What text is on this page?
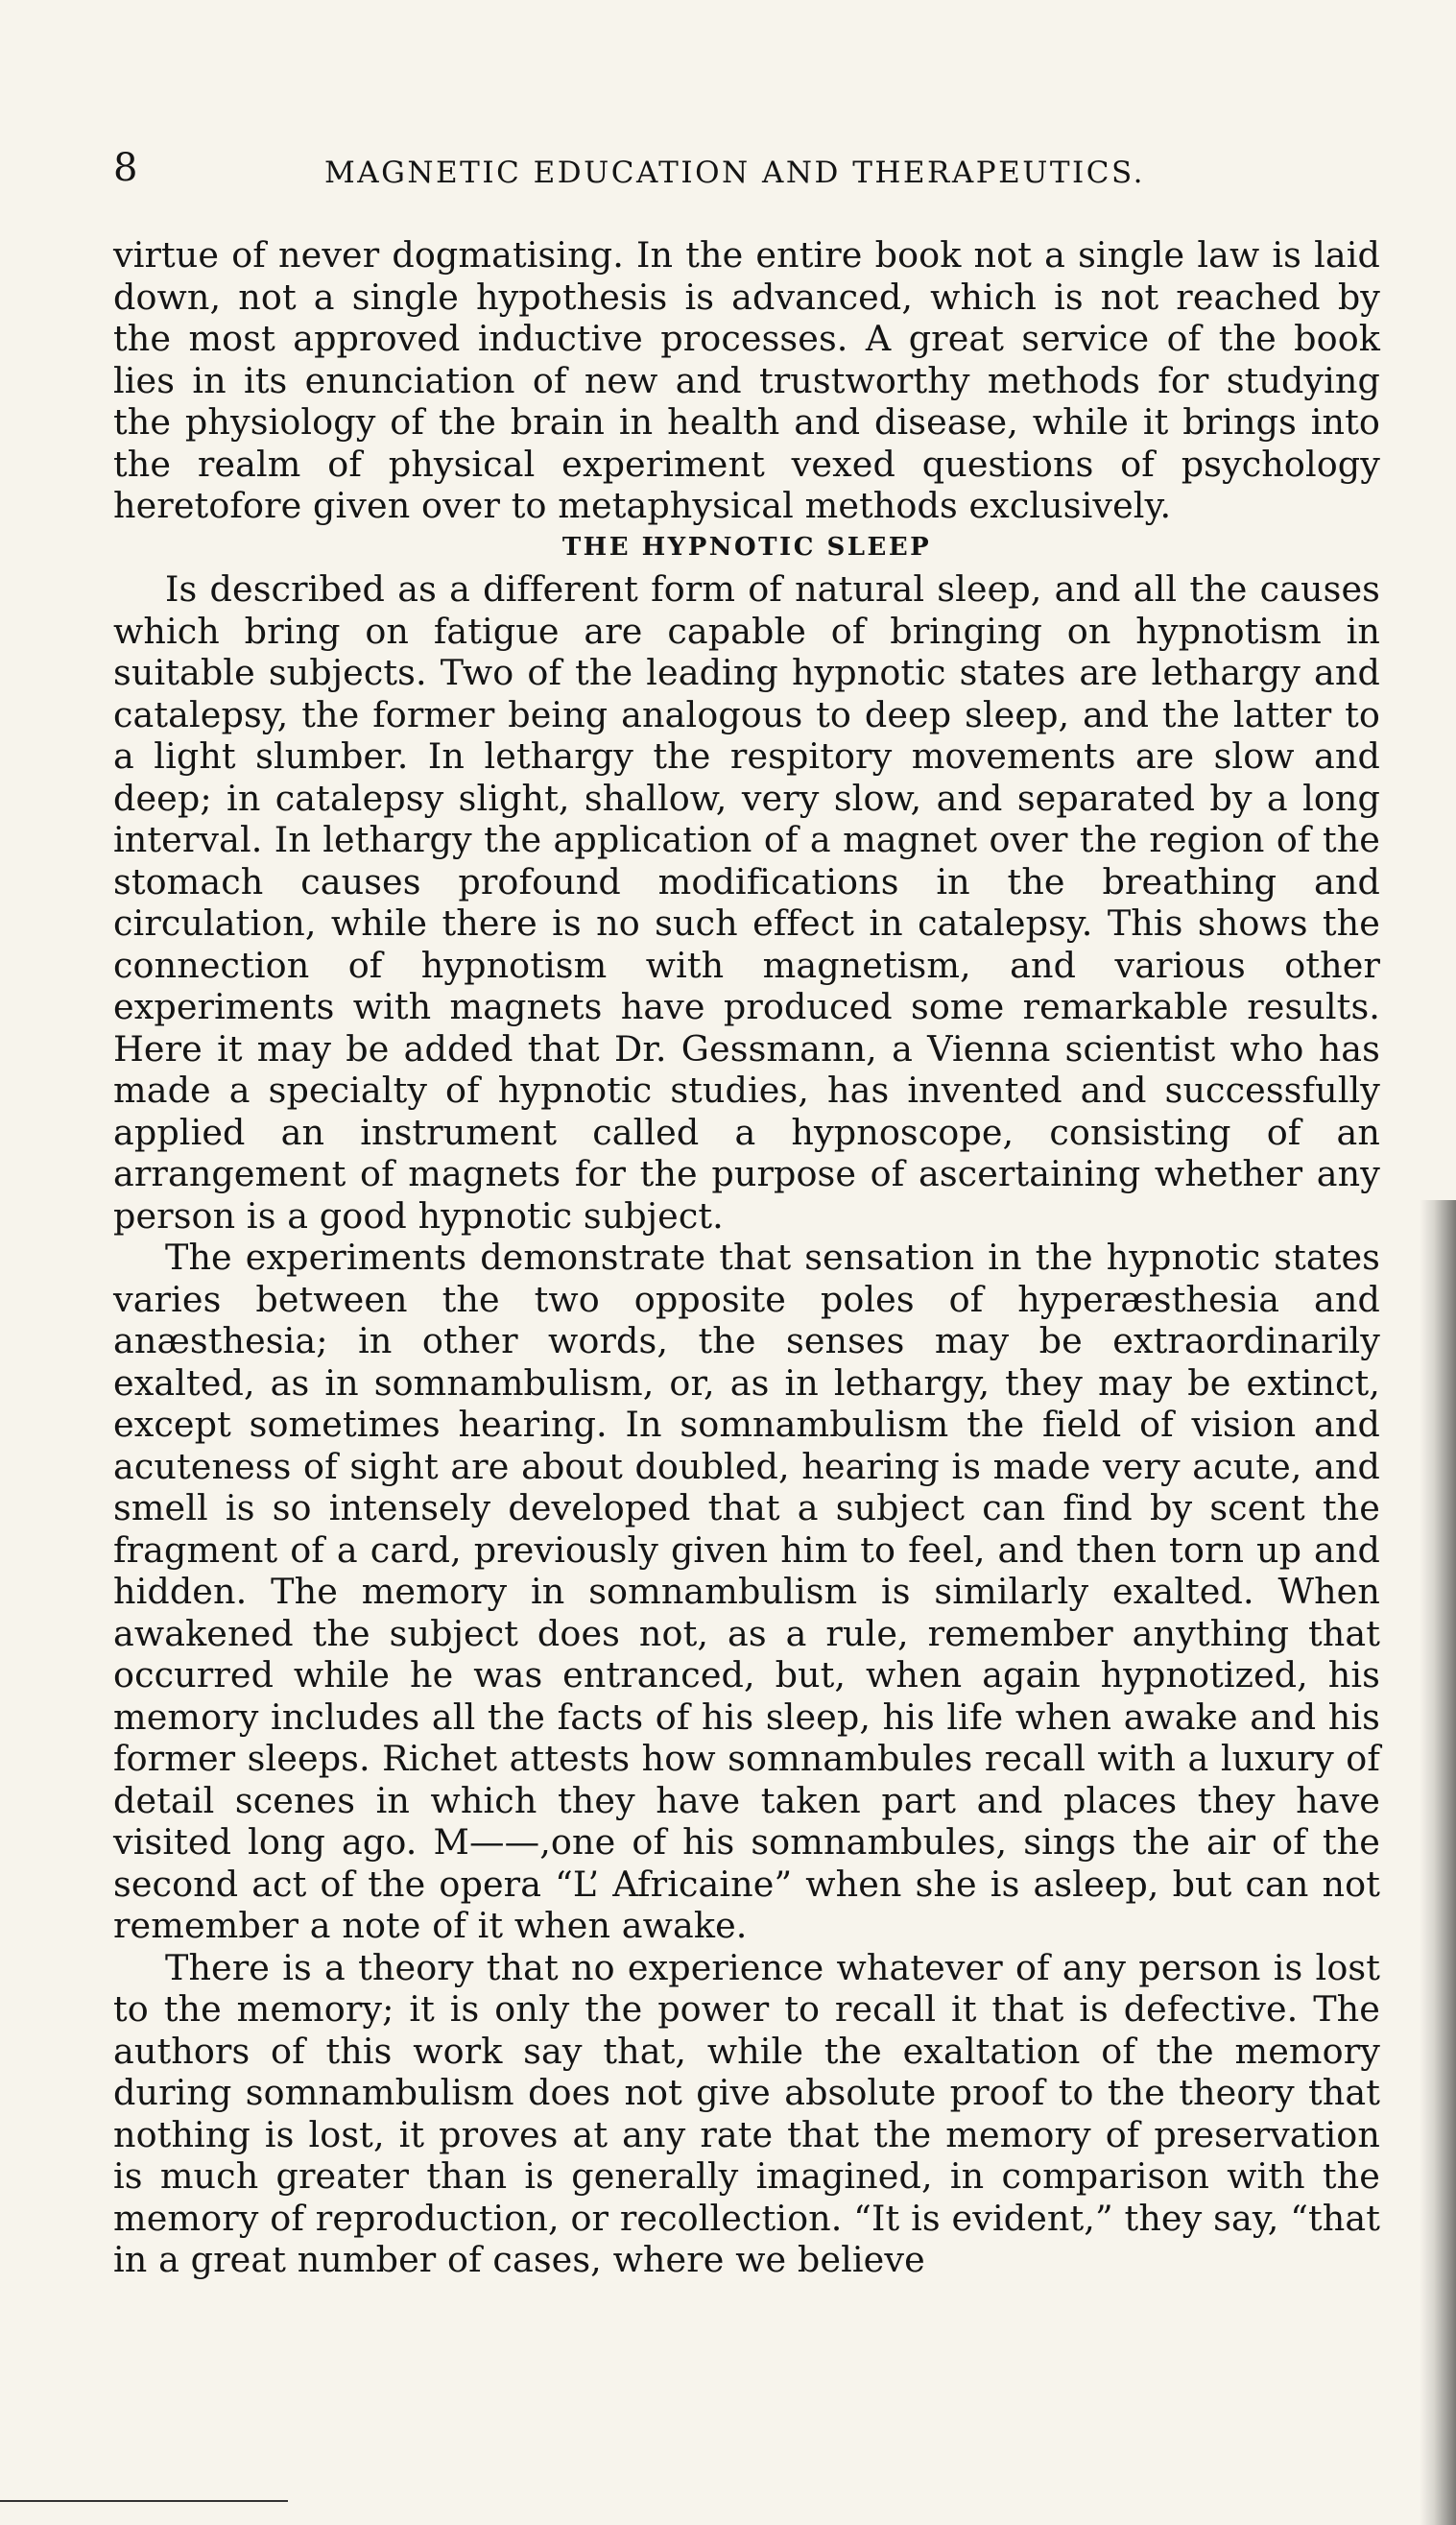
8	MAGNETIC EDUCATION AND THERAPEUTICS.

virtue of never dogmatising. In the entire book not a single law is laid down, not a single hypothesis is advanced, which is not reached by the most approved inductive processes. A great service of the book lies in its enunciation of new and trustworthy methods for studying the physiology of the brain in health and disease, while it brings into the realm of physical experiment vexed questions of psychology heretofore given over to metaphysical methods exclusively.

THE HYPNOTIC SLEEP

Is described as a different form of natural sleep, and all the causes which bring on fatigue are capable of bringing on hypnotism in suitable subjects. Two of the leading hypnotic states are lethargy and catalepsy, the former being analogous to deep sleep, and the latter to a light slumber. In lethargy the respitory movements are slow and deep; in catalepsy slight, shallow, very slow, and separated by a long interval. In lethargy the application of a magnet over the region of the stomach causes profound modifications in the breathing and circulation, while there is no such effect in catalepsy. This shows the connection of hypnotism with magnetism, and various other experiments with magnets have produced some remarkable results. Here it may be added that Dr. Gessmann, a Vienna scientist who has made a specialty of hypnotic studies, has invented and successfully applied an instrument called a hypnoscope, consisting of an arrangement of magnets for the purpose of ascertaining whether any person is a good hypnotic subject.

The experiments demonstrate that sensation in the hypnotic states varies between the two opposite poles of hyperæsthesia and anæsthesia; in other words, the senses may be extraordinarily exalted, as in somnambulism, or, as in lethargy, they may be extinct, except sometimes hearing. In somnambulism the field of vision and acuteness of sight are about doubled, hearing is made very acute, and smell is so intensely developed that a subject can find by scent the fragment of a card, previously given him to feel, and then torn up and hidden. The memory in somnambulism is similarly exalted. When awakened the subject does not, as a rule, remember anything that occurred while he was entranced, but, when again hypnotized, his memory includes all the facts of his sleep, his life when awake and his former sleeps. Richet attests how somnambules recall with a luxury of detail scenes in which they have taken part and places they have visited long ago. M——,one of his somnambules, sings the air of the second act of the opera “L’ Africaine” when she is asleep, but can not remember a note of it when awake.

There is a theory that no experience whatever of any person is lost to the memory; it is only the power to recall it that is defective. The authors of this work say that, while the exaltation of the memory during somnambulism does not give absolute proof to the theory that nothing is lost, it proves at any rate that the memory of preservation is much greater than is generally imagined, in comparison with the memory of reproduction, or recollection. “It is evident,” they say, “that in a great number of cases, where we believe
